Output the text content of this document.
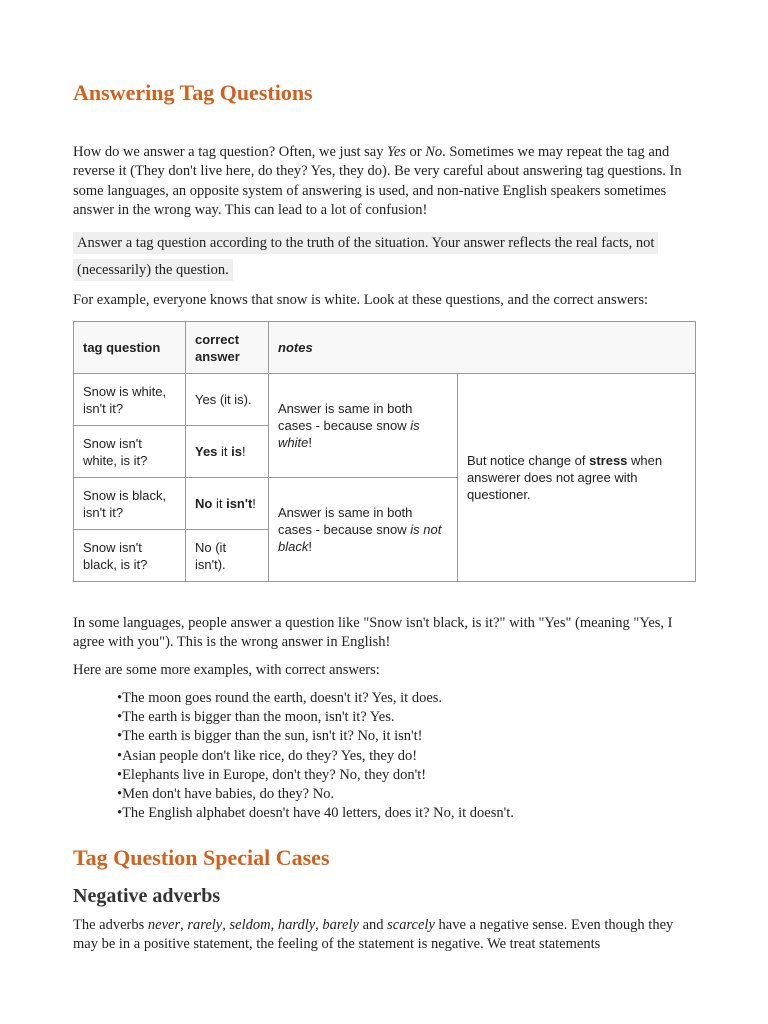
Answering Tag Questions

How do we answer a tag question? Often, we just say Yes or No. Sometimes we may repeat the tag and reverse it (They don't live here, do they? Yes, they do). Be very careful about answering tag questions. In some languages, an opposite system of answering is used, and non-native English speakers sometimes answer in the wrong way. This can lead to a lot of confusion!

Answer a tag question according to the truth of the situation. Your answer reflects the real facts, not (necessarily) the question.

For example, everyone knows that snow is white. Look at these questions, and the correct answers:

tag question	correct answer	notes	
Snow is white, isn't it?	Yes (it is).	Answer is same in both cases - because snow is white!	But notice change of stress when answerer does not agree with questioner.
Snow isn't white, is it?	Yes it is!		
Snow is black, isn't it?	No it isn't!	Answer is same in both cases - because snow is not black!	
Snow isn't black, is it?	No (it isn't).		

In some languages, people answer a question like "Snow isn't black, is it?" with "Yes" (meaning "Yes, I agree with you"). This is the wrong answer in English!

Here are some more examples, with correct answers:

•The moon goes round the earth, doesn't it? Yes, it does.
•The earth is bigger than the moon, isn't it? Yes.
•The earth is bigger than the sun, isn't it? No, it isn't!
•Asian people don't like rice, do they? Yes, they do!
•Elephants live in Europe, don't they? No, they don't!
•Men don't have babies, do they? No.
•The English alphabet doesn't have 40 letters, does it? No, it doesn't.
Tag Question Special Cases
Negative adverbs

The adverbs never, rarely, seldom, hardly, barely and scarcely have a negative sense. Even though they may be in a positive statement, the feeling of the statement is negative. We treat statements
